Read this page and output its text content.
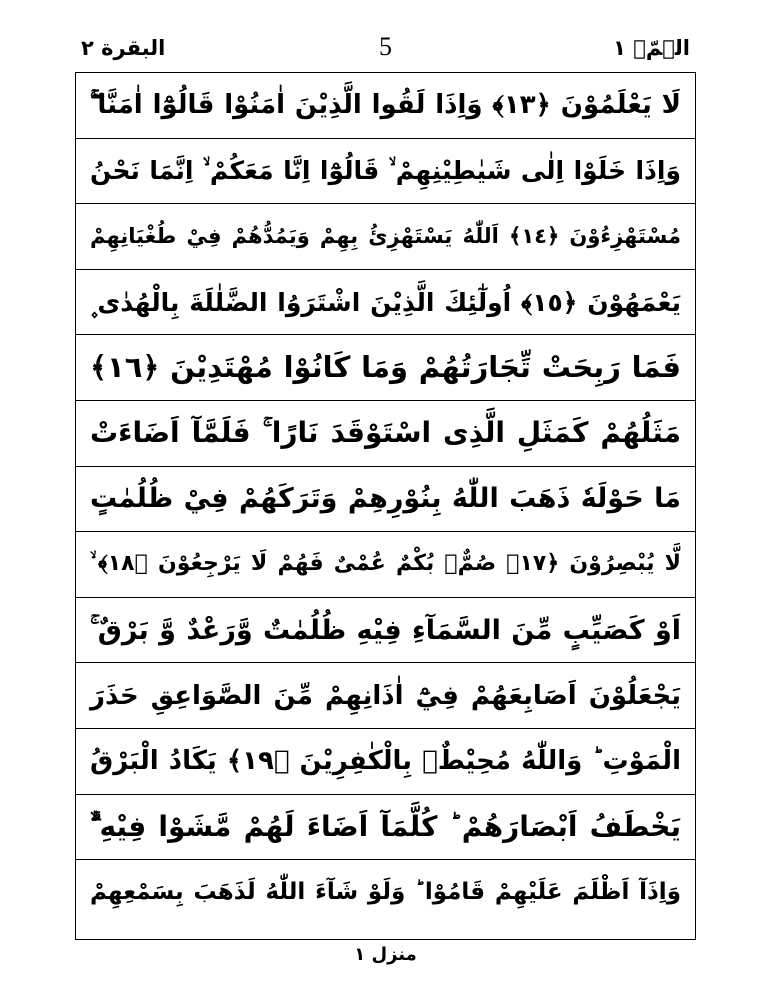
البقرة ٢	5	الۗمّۗ ١
لَا يَعْلَمُوْنَ ﴿١٣﴾ وَاِذَا لَقُوا الَّذِيْنَ اٰمَنُوْا قَالُوْٓا اٰمَنَّا ۚۖ
وَاِذَا خَلَوْا اِلٰى شَيٰطِيْنِهِمْ ۙ قَالُوْٓا اِنَّا مَعَكُمْ ۙ اِنَّمَا نَحْنُ
مُسْتَهْزِءُوْنَ ﴿١٤﴾ اَللّٰهُ يَسْتَهْزِئُ بِهِمْ وَيَمُدُّهُمْ فِيْ طُغْيَانِهِمْ
يَعْمَهُوْنَ ﴿١٥﴾ اُولٰٓئِكَ الَّذِيْنَ اشْتَرَوُا الضَّلٰلَةَ بِالْهُدٰى ۪
فَمَا رَبِحَتْ تِّجَارَتُهُمْ وَمَا كَانُوْا مُهْتَدِيْنَ ﴿١٦﴾
مَثَلُهُمْ كَمَثَلِ الَّذِى اسْتَوْقَدَ نَارًا ۚ فَلَمَّآ اَضَاءَتْ
مَا حَوْلَهٗ ذَهَبَ اللّٰهُ بِنُوْرِهِمْ وَتَرَكَهُمْ فِيْ ظُلُمٰتٍ
لَّا يُبْصِرُوْنَ ﴿١٧﴾ صُمٌّۢ بُكْمٌ عُمْىٌ فَهُمْ لَا يَرْجِعُوْنَ ﴿١٨﴾ ۙ
اَوْ كَصَيِّبٍ مِّنَ السَّمَآءِ فِيْهِ ظُلُمٰتٌ وَّرَعْدٌ وَّ بَرْقٌ ۚ
يَجْعَلُوْنَ اَصَابِعَهُمْ فِيْٓ اٰذَانِهِمْ مِّنَ الصَّوَاعِقِ حَذَرَ
الْمَوْتِ ؕ وَاللّٰهُ مُحِيْطٌۢ بِالْكٰفِرِيْنَ ﴿١٩﴾ يَكَادُ الْبَرْقُ
يَخْطَفُ اَبْصَارَهُمْ ؕ كُلَّمَآ اَضَاءَ لَهُمْ مَّشَوْا فِيْهِ ۙۗ
وَاِذَآ اَظْلَمَ عَلَيْهِمْ قَامُوْا ؕ وَلَوْ شَآءَ اللّٰهُ لَذَهَبَ بِسَمْعِهِمْ
منزل ١
